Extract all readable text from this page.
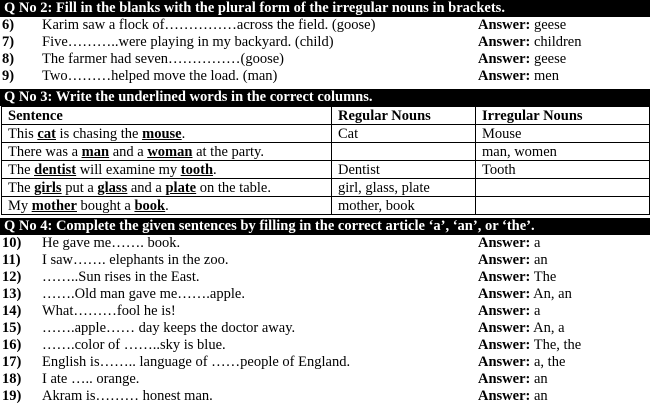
Q No 2: Fill in the blanks with the plural form of the irregular nouns in brackets.
6)	Karim saw a flock of……………across the field. (goose)	Answer: geese
7)	Five………..were playing in my backyard. (child)	Answer: children
8)	The farmer had seven……………(goose)	Answer: geese
9)	Two………helped move the load. (man)	Answer: men
Q No 3: Write the underlined words in the correct columns.
Sentence	Regular Nouns	Irregular Nouns
This cat is chasing the mouse.	Cat	Mouse
There was a man and a woman at the party.		man, women
The dentist will examine my tooth.	Dentist	Tooth
The girls put a glass and a plate on the table.	girl, glass, plate	
My mother bought a book.	mother, book	
Q No 4: Complete the given sentences by filling in the correct article ‘a’, ‘an’, or ‘the’.
10)	He gave me……. book.	Answer: a
11)	I saw……. elephants in the zoo.	Answer: an
12)	……..Sun rises in the East.	Answer: The
13)	…….Old man gave me…….apple.	Answer: An, an
14)	What………fool he is!	Answer: a
15)	…….apple…… day keeps the doctor away.	Answer: An, a
16)	…….color of ……..sky is blue.	Answer: The, the
17)	English is…….. language of ……people of England.	Answer: a, the
18)	I ate ….. orange.	Answer: an
19)	Akram is……… honest man.	Answer: an
